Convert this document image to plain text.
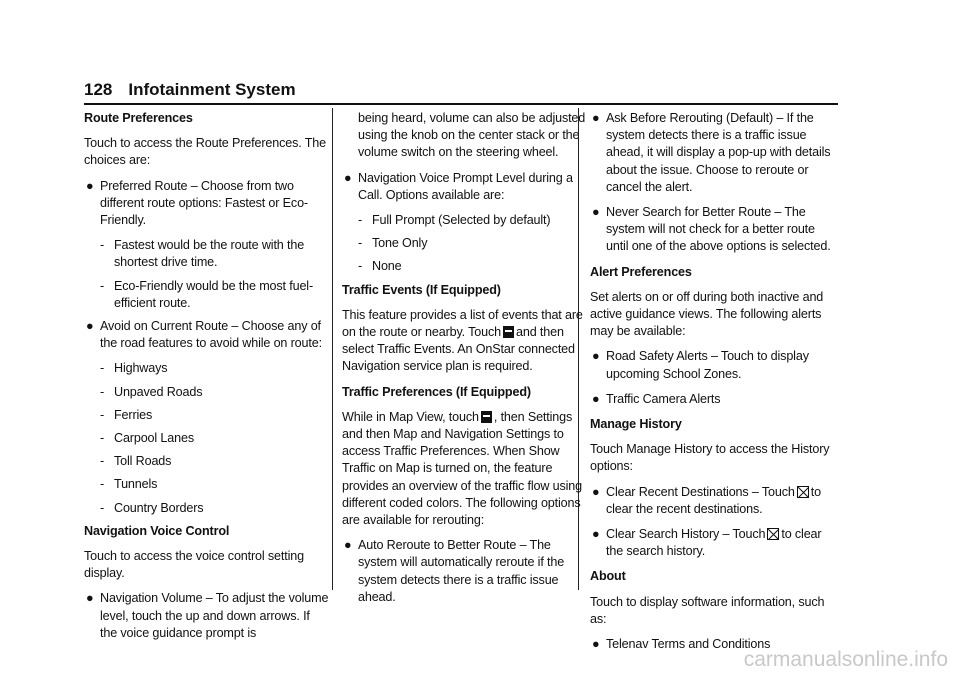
128 Infotainment System
Route Preferences
Touch to access the Route Preferences. The choices are:
● Preferred Route – Choose from two different route options: Fastest or Eco-Friendly.
- Fastest would be the route with the shortest drive time.
- Eco-Friendly would be the most fuel-efficient route.
● Avoid on Current Route – Choose any of the road features to avoid while on route:
- Highways
- Unpaved Roads
- Ferries
- Carpool Lanes
- Toll Roads
- Tunnels
- Country Borders
Navigation Voice Control
Touch to access the voice control setting display.
● Navigation Volume – To adjust the volume level, touch the up and down arrows. If the voice guidance prompt is
being heard, volume can also be adjusted using the knob on the center stack or the volume switch on the steering wheel.
● Navigation Voice Prompt Level during a Call. Options available are:
- Full Prompt (Selected by default)
- Tone Only
- None
Traffic Events (If Equipped)
This feature provides a list of events that are on the route or nearby. Touch and then select Traffic Events. An OnStar connected Navigation service plan is required.
Traffic Preferences (If Equipped)
While in Map View, touch , then Settings and then Map and Navigation Settings to access Traffic Preferences. When Show Traffic on Map is turned on, the feature provides an overview of the traffic flow using different coded colors. The following options are available for rerouting:
● Auto Reroute to Better Route – The system will automatically reroute if the system detects there is a traffic issue ahead.
● Ask Before Rerouting (Default) – If the system detects there is a traffic issue ahead, it will display a pop-up with details about the issue. Choose to reroute or cancel the alert.
● Never Search for Better Route – The system will not check for a better route until one of the above options is selected.
Alert Preferences
Set alerts on or off during both inactive and active guidance views. The following alerts may be available:
● Road Safety Alerts – Touch to display upcoming School Zones.
● Traffic Camera Alerts
Manage History
Touch Manage History to access the History options:
● Clear Recent Destinations – Touch to clear the recent destinations.
● Clear Search History – Touch to clear the search history.
About
Touch to display software information, such as:
● Telenav Terms and Conditions
carmanualsonline.info
